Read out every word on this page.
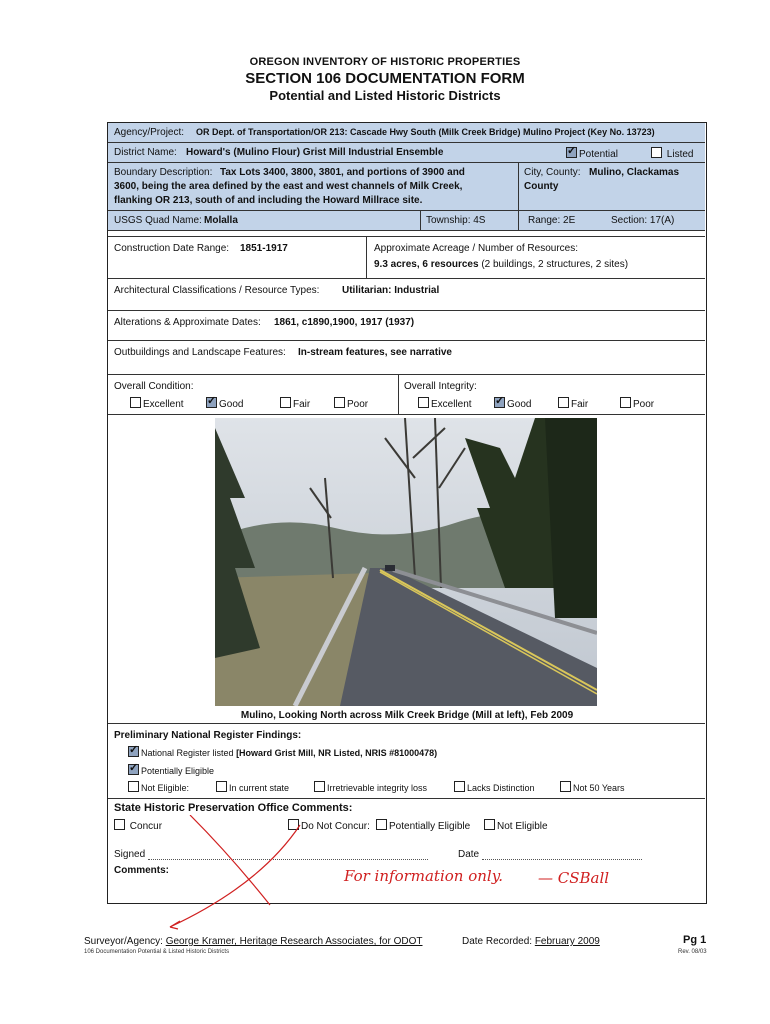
OREGON INVENTORY OF HISTORIC PROPERTIES
SECTION 106 DOCUMENTATION FORM
Potential and Listed Historic Districts
Agency/Project: OR Dept. of Transportation/OR 213: Cascade Hwy South (Milk Creek Bridge) Mulino Project (Key No. 13723)
District Name: Howard's (Mulino Flour) Grist Mill Industrial Ensemble ✓	Potential	Listed
Boundary Description: Tax Lots 3400, 3800, 3801, and portions of 3900 and
3600, being the area defined by the east and west channels of Milk Creek,
flanking OR 213, south of and including the Howard Millrace site.
City, County: Mulino, Clackamas
County
USGS Quad Name: Molalla	Township: 4S	Range: 2E	Section: 17(A)
Construction Date Range: 1851-1917	Approximate Acreage / Number of Resources:
9.3 acres, 6 resources (2 buildings, 2 structures, 2 sites)
Architectural Classifications / Resource Types: Utilitarian: Industrial
Alterations & Approximate Dates: 1861, c1890,1900, 1917 (1937)
Outbuildings and Landscape Features: In-stream features, see narrative
Overall Condition:
Excellent ✓	Good	Fair	Poor
Overall Integrity:
Excellent ✓	Good	Fair	Poor
Preliminary National Register Findings:
✓National Register listed [Howard Grist Mill, NR Listed, NRIS #81000478)
✓Potentially Eligible
Not Eligible:	In current state	Irretrievable integrity loss	Lacks Distinction	Not 50 Years
State Historic Preservation Office Comments:
Concur	Do Not Concur:	Potentially Eligible	Not Eligible
Signed	Date
Comments:	For information only. — CSBall
Mulino, Looking North across Milk Creek Bridge (Mill at left), Feb 2009
Surveyor/Agency: George Kramer, Heritage Research Associates, for ODOT	Date Recorded: February 2009	Pg 1
106 Documentation Potential & Listed Historic Districts	Rev. 08/03
